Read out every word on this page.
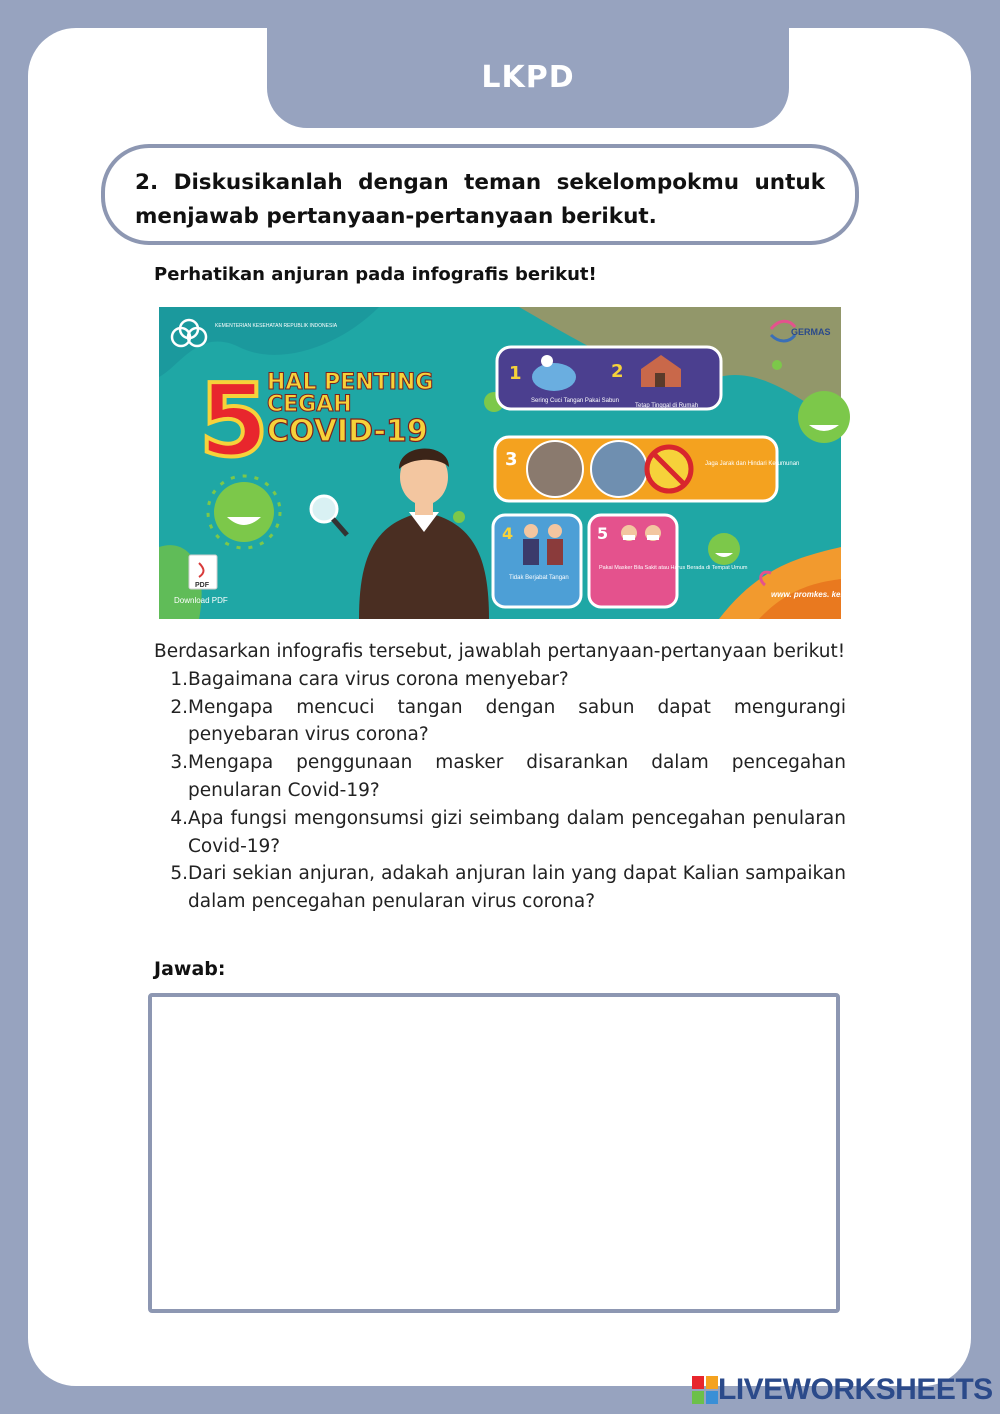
LKPD

2. Diskusikanlah dengan teman sekelompokmu untuk menjawab pertanyaan-pertanyaan berikut.

Perhatikan anjuran pada infografis berikut!
KEMENTERIAN KESEHATAN REPUBLIK INDONESIA
GERMAS
5
HAL PENTING
CEGAH
COVID-19
PDF
Download PDF
1
Sering Cuci Tangan Pakai Sabun
2
Tetap Tinggal di Rumah
3	Jaga Jarak dan Hindari Kerumunan
4
Tidak Berjabat Tangan
5
Pakai Masker Bila Sakit atau Harus Berada di Tempat Umum
www. promkes. kemkes.go.id

Berdasarkan infografis tersebut, jawablah pertanyaan-pertanyaan berikut!

1. Bagaimana cara virus corona menyebar?
2. Mengapa mencuci tangan dengan sabun dapat mengurangi penyebaran virus corona?
3. Mengapa penggunaan masker disarankan dalam pencegahan penularan Covid-19?
4. Apa fungsi mengonsumsi gizi seimbang dalam pencegahan penularan Covid-19?
5. Dari sekian anjuran, adakah anjuran lain yang dapat Kalian sampaikan dalam pencegahan penularan virus corona?
Jawab:
LIVEWORKSHEETS
